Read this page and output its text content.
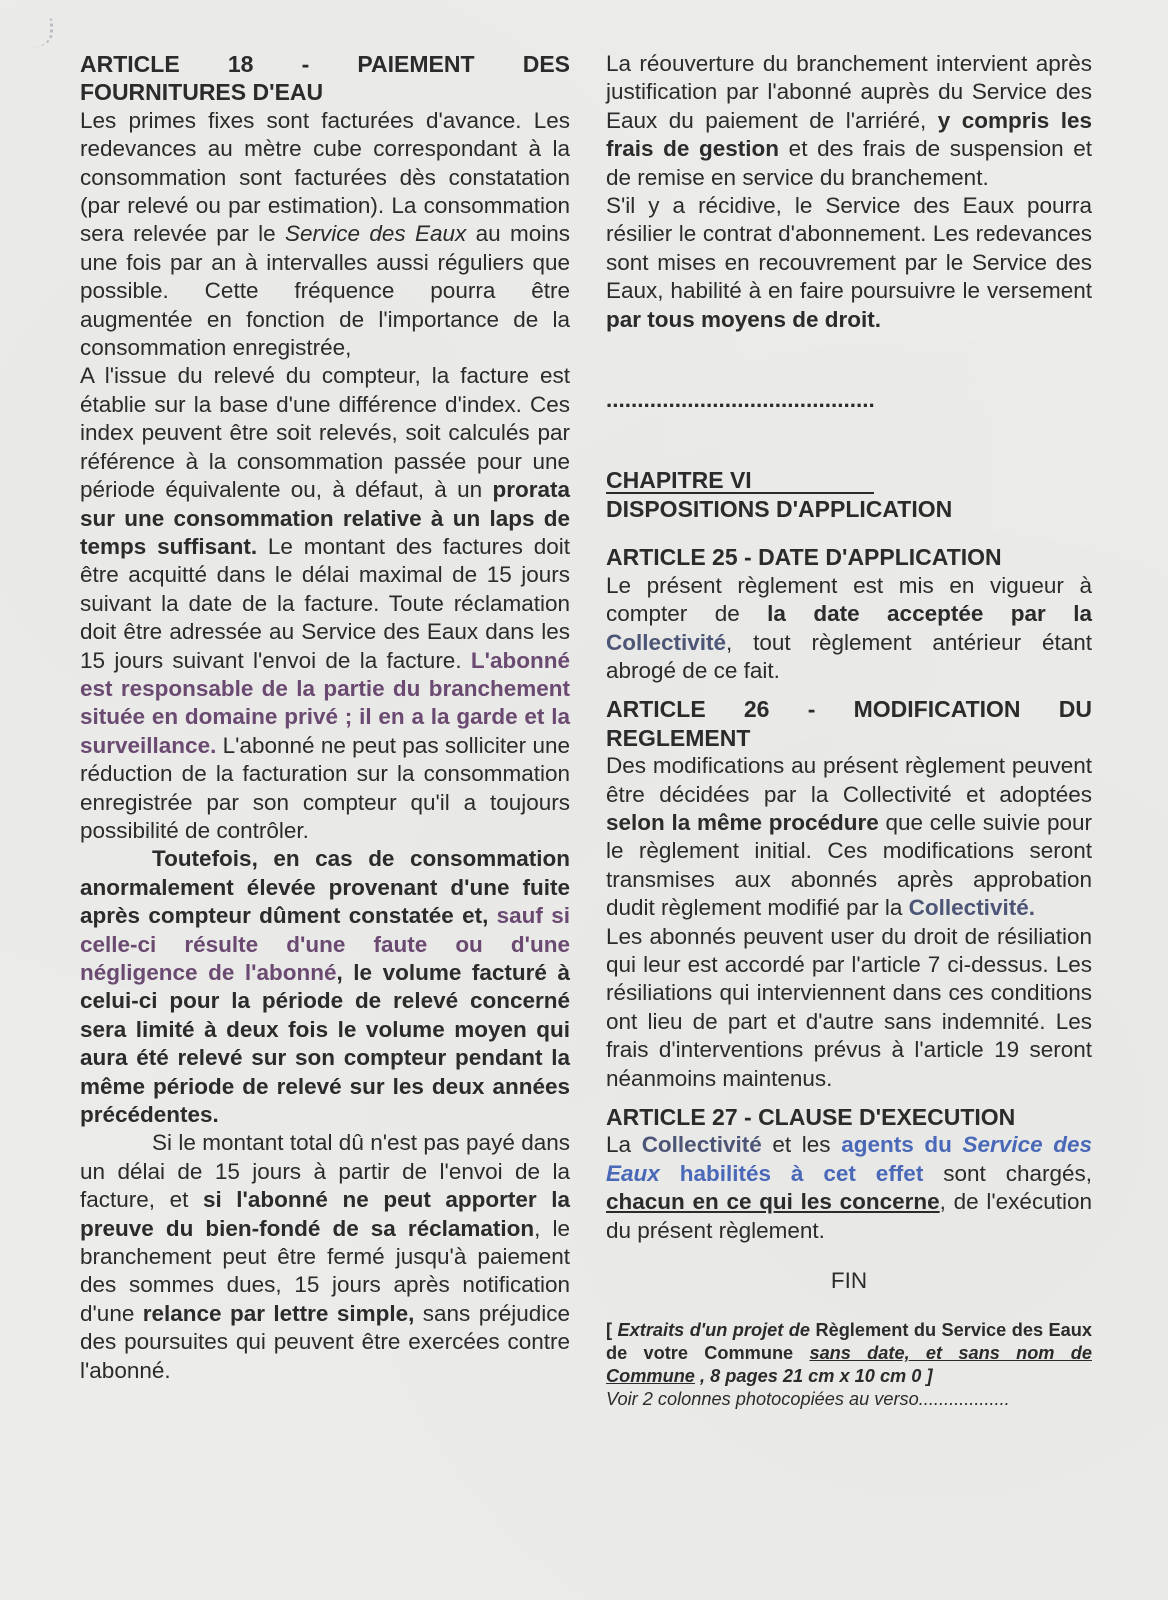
ARTICLE 18 - PAIEMENT DES

FOURNITURES D'EAU

Les primes fixes sont facturées d'avance. Les redevances au mètre cube correspondant à la consommation sont facturées dès constatation (par relevé ou par estimation). La consommation sera relevée par le Service des Eaux au moins une fois par an à intervalles aussi réguliers que possible. Cette fréquence pourra être augmentée en fonction de l'importance de la consommation enregistrée,

A l'issue du relevé du compteur, la facture est établie sur la base d'une différence d'index. Ces index peuvent être soit relevés, soit calculés par référence à la consommation passée pour une période équivalente ou, à défaut, à un prorata sur une consommation relative à un laps de temps suffisant. Le montant des factures doit être acquitté dans le délai maximal de 15 jours suivant la date de la facture. Toute réclamation doit être adressée au Service des Eaux dans les 15 jours suivant l'envoi de la facture. L'abonné est responsable de la partie du branchement située en domaine privé ; il en a la garde et la surveillance. L'abonné ne peut pas solliciter une réduction de la facturation sur la consommation enregistrée par son compteur qu'il a toujours possibilité de contrôler.

Toutefois, en cas de consommation anormalement élevée provenant d'une fuite après compteur dûment constatée et, sauf si celle-ci résulte d'une faute ou d'une négligence de l'abonné, le volume facturé à celui-ci pour la période de relevé concerné sera limité à deux fois le volume moyen qui aura été relevé sur son compteur pendant la même période de relevé sur les deux années précédentes.

Si le montant total dû n'est pas payé dans un délai de 15 jours à partir de l'envoi de la facture, et si l'abonné ne peut apporter la preuve du bien-fondé de sa réclamation, le branchement peut être fermé jusqu'à paiement des sommes dues, 15 jours après notification d'une relance par lettre simple, sans préjudice des poursuites qui peuvent être exercées contre l'abonné.

La réouverture du branchement intervient après justification par l'abonné auprès du Service des Eaux du paiement de l'arriéré, y compris les frais de gestion et des frais de suspension et de remise en service du branchement.

S'il y a récidive, le Service des Eaux pourra résilier le contrat d'abonnement. Les redevances sont mises en recouvrement par le Service des Eaux, habilité à en faire poursuivre le versement par tous moyens de droit.

...........................................

CHAPITRE VI

DISPOSITIONS D'APPLICATION

ARTICLE 25 - DATE D'APPLICATION

Le présent règlement est mis en vigueur à compter de la date acceptée par la Collectivité, tout règlement antérieur étant abrogé de ce fait.

ARTICLE 26 - MODIFICATION DU

REGLEMENT

Des modifications au présent règlement peuvent être décidées par la Collectivité et adoptées selon la même procédure que celle suivie pour le règlement initial. Ces modifications seront transmises aux abonnés après approbation dudit règlement modifié par la Collectivité.

Les abonnés peuvent user du droit de résiliation qui leur est accordé par l'article 7 ci-dessus. Les résiliations qui interviennent dans ces conditions ont lieu de part et d'autre sans indemnité. Les frais d'interventions prévus à l'article 19 seront néanmoins maintenus.

ARTICLE 27 - CLAUSE D'EXECUTION

La Collectivité et les agents du Service des Eaux habilités à cet effet sont chargés, chacun en ce qui les concerne, de l'exécution du présent règlement.

FIN

[ Extraits d'un projet de Règlement du Service des Eaux de votre Commune sans date, et sans nom de Commune , 8 pages 21 cm x 10 cm 0 ]

Voir 2 colonnes photocopiées au verso..................
